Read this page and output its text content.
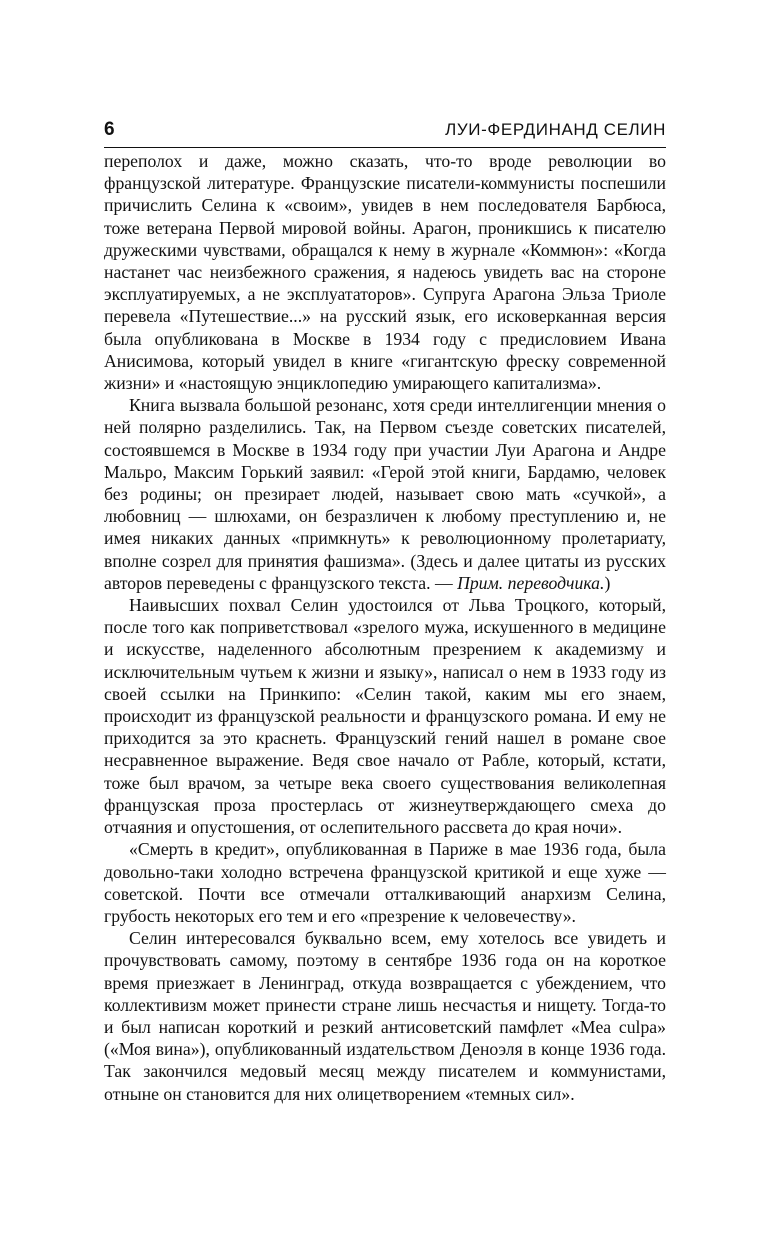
6	ЛУИ-ФЕРДИНАНД СЕЛИН

переполох и даже, можно сказать, что-то вроде революции во французской литературе. Французские писатели-коммунисты поспешили причислить Селина к «своим», увидев в нем последователя Барбюса, тоже ветерана Первой мировой войны. Арагон, проникшись к писателю дружескими чувствами, обращался к нему в журнале «Коммюн»: «Когда настанет час неизбежного сражения, я надеюсь увидеть вас на стороне эксплуатируемых, а не эксплуататоров». Супруга Арагона Эльза Триоле перевела «Путешествие...» на русский язык, его исковерканная версия была опубликована в Москве в 1934 году с предисловием Ивана Анисимова, который увидел в книге «гигантскую фреску современной жизни» и «настоящую энциклопедию умирающего капитализма».

Книга вызвала большой резонанс, хотя среди интеллигенции мнения о ней полярно разделились. Так, на Первом съезде советских писателей, состоявшемся в Москве в 1934 году при участии Луи Арагона и Андре Мальро, Максим Горький заявил: «Герой этой книги, Бардамю, человек без родины; он презирает людей, называет свою мать «сучкой», а любовниц — шлюхами, он безразличен к любому преступлению и, не имея никаких данных «примкнуть» к революционному пролетариату, вполне созрел для принятия фашизма». (Здесь и далее цитаты из русских авторов переведены с французского текста. — Прим. переводчика.)

Наивысших похвал Селин удостоился от Льва Троцкого, который, после того как поприветствовал «зрелого мужа, искушенного в медицине и искусстве, наделенного абсолютным презрением к академизму и исключительным чутьем к жизни и языку», написал о нем в 1933 году из своей ссылки на Принкипо: «Селин такой, каким мы его знаем, происходит из французской реальности и французского романа. И ему не приходится за это краснеть. Французский гений нашел в романе свое несравненное выражение. Ведя свое начало от Рабле, который, кстати, тоже был врачом, за четыре века своего существования великолепная французская проза простерлась от жизнеутверждающего смеха до отчаяния и опустошения, от ослепительного рассвета до края ночи».

«Смерть в кредит», опубликованная в Париже в мае 1936 года, была довольно-таки холодно встречена французской критикой и еще хуже — советской. Почти все отмечали отталкивающий анархизм Селина, грубость некоторых его тем и его «презрение к человечеству».

Селин интересовался буквально всем, ему хотелось все увидеть и прочувствовать самому, поэтому в сентябре 1936 года он на короткое время приезжает в Ленинград, откуда возвращается с убеждением, что коллективизм может принести стране лишь несчастья и нищету. Тогда-то и был написан короткий и резкий антисоветский памфлет «Mea culpa» («Моя вина»), опубликованный издательством Деноэля в конце 1936 года. Так закончился медовый месяц между писателем и коммунистами, отныне он становится для них олицетворением «темных сил».
